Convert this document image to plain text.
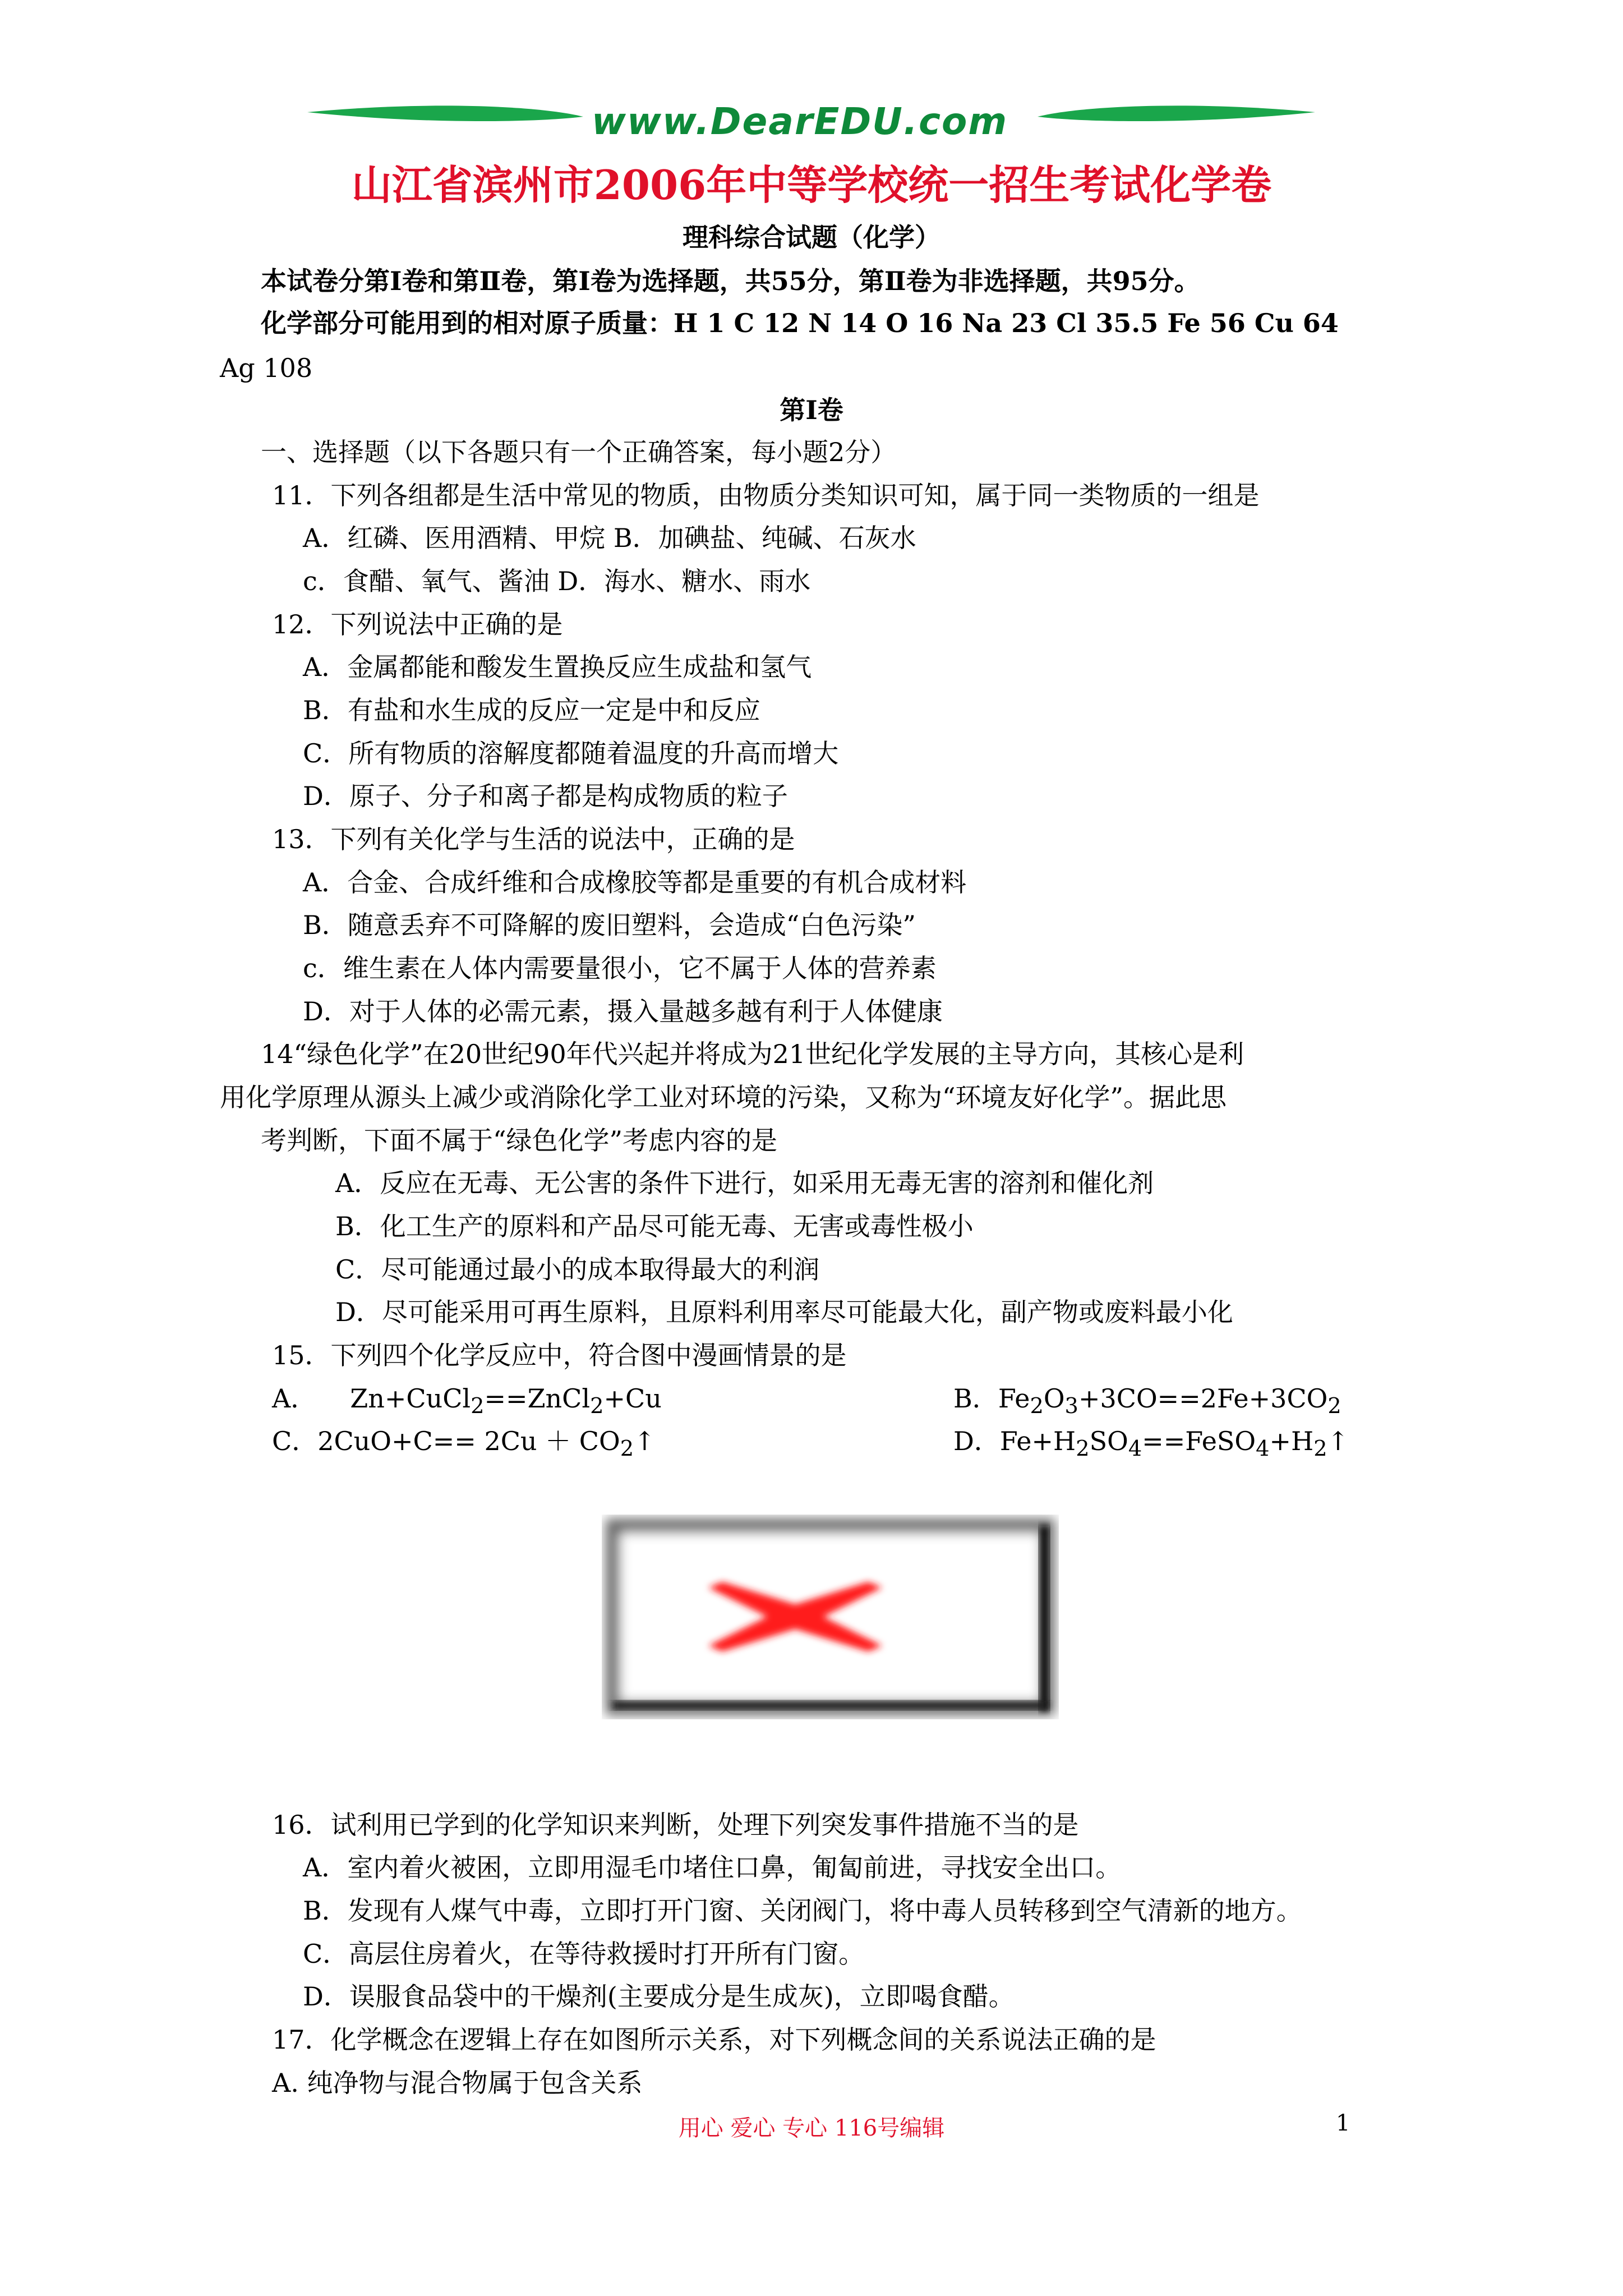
www.DearEDU.com
山江省滨州市2006年中等学校统一招生考试化学卷
理科综合试题（化学）
本试卷分第Ⅰ卷和第Ⅱ卷，第Ⅰ卷为选择题，共55分，第Ⅱ卷为非选择题，共95分。
化学部分可能用到的相对原子质量：H 1 C 12 N 14 O 16 Na 23 Cl 35.5 Fe 56 Cu 64
Ag 108
第Ⅰ卷
一、选择题（以下各题只有一个正确答案，每小题2分）
11．下列各组都是生活中常见的物质，由物质分类知识可知，属于同一类物质的一组是
A．红磷、医用酒精、甲烷 B．加碘盐、纯碱、石灰水
c．食醋、氧气、酱油 D．海水、糖水、雨水
12．下列说法中正确的是
A．金属都能和酸发生置换反应生成盐和氢气
B．有盐和水生成的反应一定是中和反应
C．所有物质的溶解度都随着温度的升高而增大
D．原子、分子和离子都是构成物质的粒子
13．下列有关化学与生活的说法中，正确的是
A．合金、合成纤维和合成橡胶等都是重要的有机合成材料
B．随意丢弃不可降解的废旧塑料，会造成“白色污染”
c．维生素在人体内需要量很小，它不属于人体的营养素
D．对于人体的必需元素，摄入量越多越有利于人体健康
14“绿色化学”在20世纪90年代兴起并将成为21世纪化学发展的主导方向，其核心是利
用化学原理从源头上减少或消除化学工业对环境的污染，又称为“环境友好化学”。据此思
考判断，下面不属于“绿色化学”考虑内容的是
A．反应在无毒、无公害的条件下进行，如采用无毒无害的溶剂和催化剂
B．化工生产的原料和产品尽可能无毒、无害或毒性极小
C．尽可能通过最小的成本取得最大的利润
D．尽可能采用可再生原料，且原料利用率尽可能最大化，副产物或废料最小化
15．下列四个化学反应中，符合图中漫画情景的是
A． Zn+CuCl$_2$==ZnCl$_2$+Cu	B．$Fe_2O_3+3CO==2Fe+3CO_2$
C．$2CuO+C== 2Cu + CO_2↑$	D．$Fe+H_2SO_4==FeSO_4+H_2↑$
16．试利用已学到的化学知识来判断，处理下列突发事件措施不当的是
A．室内着火被困，立即用湿毛巾堵住口鼻，匍匐前进，寻找安全出口。
B．发现有人煤气中毒，立即打开门窗、关闭阀门，将中毒人员转移到空气清新的地方。
C．高层住房着火，在等待救援时打开所有门窗。
D．误服食品袋中的干燥剂(主要成分是生成灰)，立即喝食醋。
17．化学概念在逻辑上存在如图所示关系，对下列概念间的关系说法正确的是
A. 纯净物与混合物属于包含关系
用心 爱心 专心 116号编辑	1
